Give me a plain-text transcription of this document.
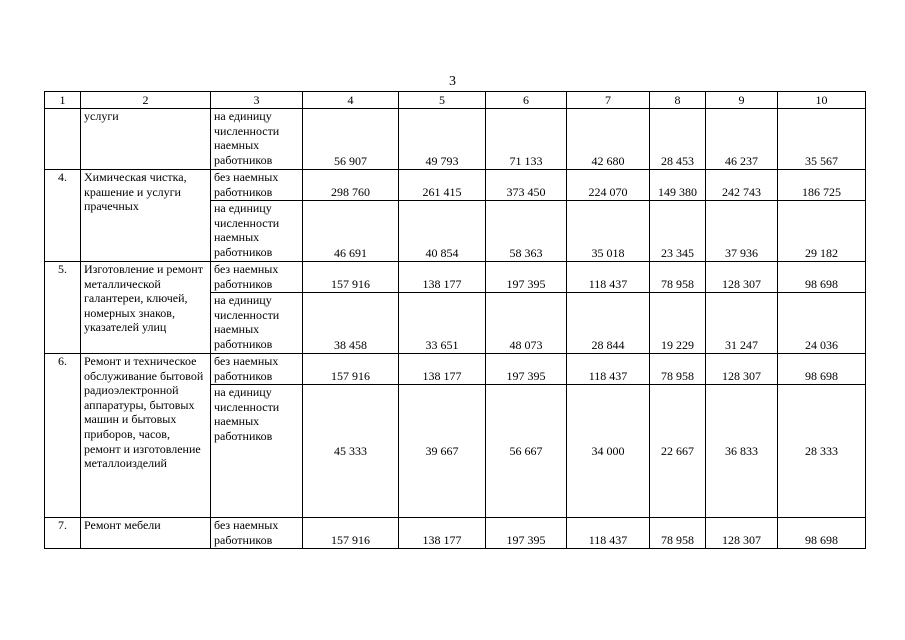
3
1	2	3	4	5	6	7	8	9	10
	услуги	на единицу численности наемных работников	56 907	49 793	71 133	42 680	28 453	46 237	35 567
4.	Химическая чистка, крашение и услуги прачечных	без наемных работников	298 760	261 415	373 450	224 070	149 380	242 743	186 725
		на единицу численности наемных работников	46 691	40 854	58 363	35 018	23 345	37 936	29 182
5.	Изготовление и ремонт металлической галантереи, ключей, номерных знаков, указателей улиц	без наемных работников	157 916	138 177	197 395	118 437	78 958	128 307	98 698
		на единицу численности наемных работников	38 458	33 651	48 073	28 844	19 229	31 247	24 036
6.	Ремонт и техническое обслуживание бытовой радиоэлектронной аппаратуры, бытовых машин и бытовых приборов, часов, ремонт и изготовление металлоизделий	без наемных работников	157 916	138 177	197 395	118 437	78 958	128 307	98 698
		на единицу численности наемных работников	45 333	39 667	56 667	34 000	22 667	36 833	28 333
7.	Ремонт мебели	без наемных работников	157 916	138 177	197 395	118 437	78 958	128 307	98 698
